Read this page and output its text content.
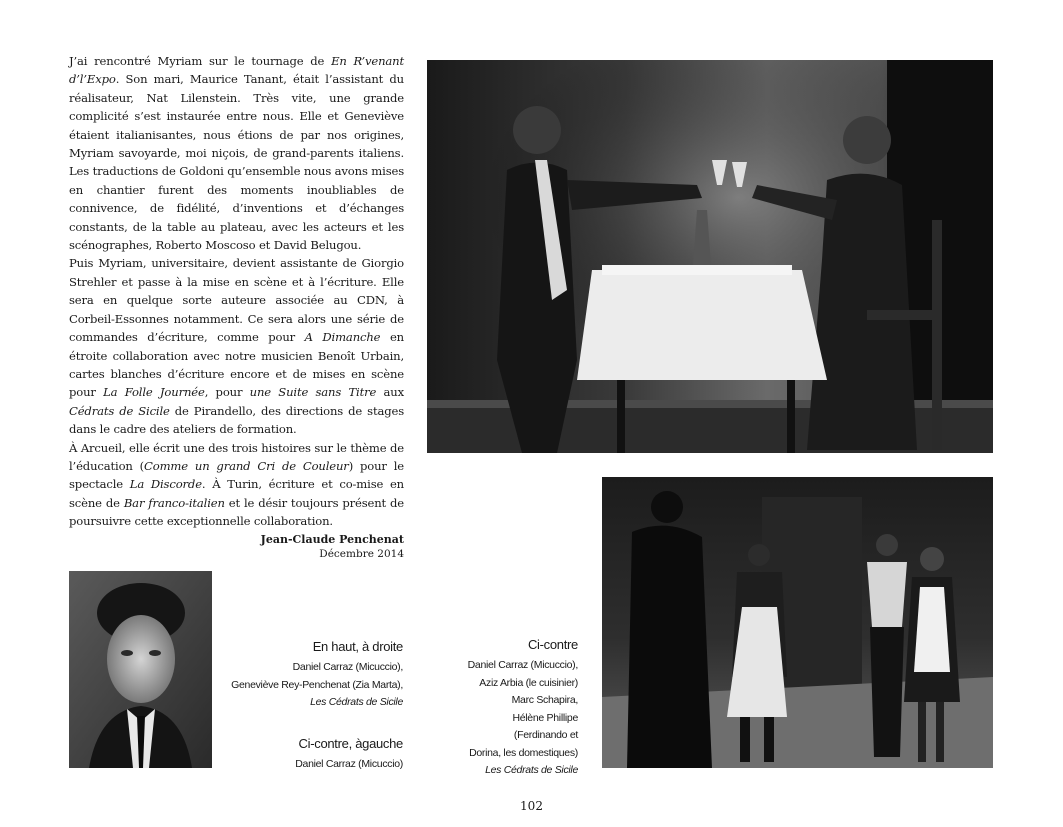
J’ai rencontré Myriam sur le tournage de En R’venant d’l’Expo. Son mari, Maurice Tanant, était l’assistant du réalisateur, Nat Lilenstein. Très vite, une grande complicité s’est instaurée entre nous. Elle et Geneviève étaient italianisantes, nous étions de par nos origines, Myriam savoyarde, moi niçois, de grand-parents italiens. Les traductions de Goldoni qu’ensemble nous avons mises en chantier furent des moments inoubliables de connivence, de fidélité, d’inventions et d’échanges constants, de la table au plateau, avec les acteurs et les scénographes, Roberto Moscoso et David Belugou.

Puis Myriam, universitaire, devient assistante de Giorgio Strehler et passe à la mise en scène et à l’écriture. Elle sera en quelque sorte auteure associée au CDN, à Corbeil-Essonnes notamment. Ce sera alors une série de commandes d’écriture, comme pour A Dimanche en étroite collaboration avec notre musicien Benoît Urbain, cartes blanches d’écriture encore et de mises en scène pour La Folle Journée, pour une Suite sans Titre aux Cédrats de Sicile de Pirandello, des directions de stages dans le cadre des ateliers de formation.

À Arcueil, elle écrit une des trois histoires sur le thème de l’éducation (Comme un grand Cri de Couleur) pour le spectacle La Discorde. À Turin, écriture et co-mise en scène de Bar franco-italien et le désir toujours présent de poursuivre cette exceptionnelle collaboration.

Jean-Claude Penchenat
Décembre 2014
En haut, à droite
Daniel Carraz (Micuccio),
Geneviève Rey-Penchenat (Zia Marta),
Les Cédrats de Sicile
Ci-contre, àgauche
Daniel Carraz (Micuccio)
Ci-contre
Daniel Carraz (Micuccio),
Aziz Arbia (le cuisinier)
Marc Schapira,
Hélène Phillipe
(Ferdinando et
Dorina, les domestiques)
Les Cédrats de Sicile
102
